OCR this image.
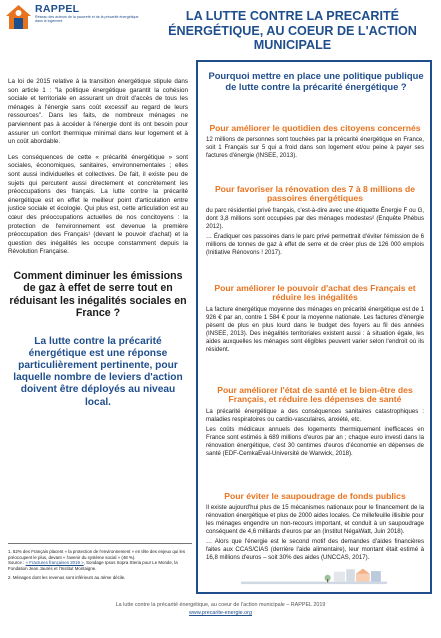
RAPPEL
Réseau des acteurs de la pauvreté et de la précarité énergétique dans le logement	LA LUTTE CONTRE LA PRECARITÉ ÉNERGÉTIQUE, AU COEUR DE L'ACTION MUNICIPALE

La loi de 2015 relative à la transition énergétique stipule dans son article 1 : "la politique énergétique garantit la cohésion sociale et territoriale en assurant un droit d'accès de tous les ménages à l'énergie sans coût excessif au regard de leurs ressources". Dans les faits, de nombreux ménages ne parviennent pas à accéder à l'énergie dont ils ont besoin pour assurer un confort thermique minimal dans leur logement et à un coût abordable.

Les conséquences de cette « précarité énergétique » sont sociales, économiques, sanitaires, environnementales ; elles sont aussi individuelles et collectives. De fait, il existe peu de sujets qui percutent aussi directement et concrètement les préoccupations des français. La lutte contre la précarité énergétique est en effet le meilleur point d'articulation entre justice sociale et écologie. Qui plus est, cette articulation est au cœur des préoccupations actuelles de nos concitoyens : la protection de l'environnement est devenue la première préoccupation des Français¹ (devant le pouvoir d'achat) et la question des inégalités les occupe constamment depuis la Révolution Française.

Comment diminuer les émissions de gaz à effet de serre tout en réduisant les inégalités sociales en France ?
La lutte contre la précarité énergétique est une réponse particulièrement pertinente, pour laquelle nombre de leviers d'action doivent être déployés au niveau local.

1. 52% des Français placent « la protection de l'environnement » en tête des enjeux qui les préoccupent le plus, devant « l'avenir du système social » (48 %).
Source : « Fractures françaises 2019 », Sondage Ipsos Sopra Steria pour Le Monde, la Fondation Jean Jaurès et l'Institut Montaigne.

2. Ménages dont les revenus sont inférieurs au 4ème décile.

Pourquoi mettre en place une politique publique de lutte contre la précarité énergétique ?
Pour améliorer le quotidien des citoyens concernés

12 millions de personnes sont touchées par la précarité énergétique en France, soit 1 Français sur 5 qui a froid dans son logement et/ou peine à payer ses factures d'énergie (INSEE, 2013).

Pour favoriser la rénovation des 7 à 8 millions de passoires énergétiques

du parc résidentiel privé français, c'est-à-dire avec une étiquette Énergie F ou G, dont 3,8 millions sont occupées par des ménages modestes² (Enquête Phébus 2012).

… Éradiquer ces passoires dans le parc privé permettrait d'éviter l'émission de 6 millions de tonnes de gaz à effet de serre et de créer plus de 126 000 emplois (Initiative Rénovons ! 2017).

Pour améliorer le pouvoir d'achat des Français et réduire les inégalités

La facture énergétique moyenne des ménages en précarité énergétique est de 1 926 € par an, contre 1 584 € pour la moyenne nationale. Les factures d'énergie pèsent de plus en plus lourd dans le budget des foyers au fil des années (INSEE, 2013). Des inégalités territoriales existent aussi : à situation égale, les aides auxquelles les ménages sont éligibles peuvent varier selon l'endroit où ils résident.

Pour améliorer l'état de santé et le bien-être des Français, et réduire les dépenses de santé

La précarité énergétique a des conséquences sanitaires catastrophiques : maladies respiratoires ou cardio-vasculaires, anxiété, etc.

Les coûts médicaux annuels des logements thermiquement inefficaces en France sont estimés à 689 millions d'euros par an ; chaque euro investi dans la rénovation énergétique, c'est 30 centimes d'euros d'économie en dépenses de santé (EDF-CemkaEval-Université de Warwick, 2018).

Pour éviter le saupoudrage de fonds publics

Il existe aujourd'hui plus de 15 mécanismes nationaux pour le financement de la rénovation énergétique et plus de 2000 aides locales. Ce millefeuille illisible pour les ménages engendre un non-recours important, et conduit à un saupoudrage conséquent de 4,6 milliards d'euros par an (Institut NégaWatt, Juin 2018).

… Alors que l'énergie est le second motif des demandes d'aides financières faites aux CCAS/CIAS (derrière l'aide alimentaire), leur montant était estimé à 16,8 millions d'euros – soit 30% des aides (UNCCAS, 2017).

La lutte contre la précarité énergétique, au coeur de l'action municipale – RAPPEL 2019
www.precarite-energie.org
